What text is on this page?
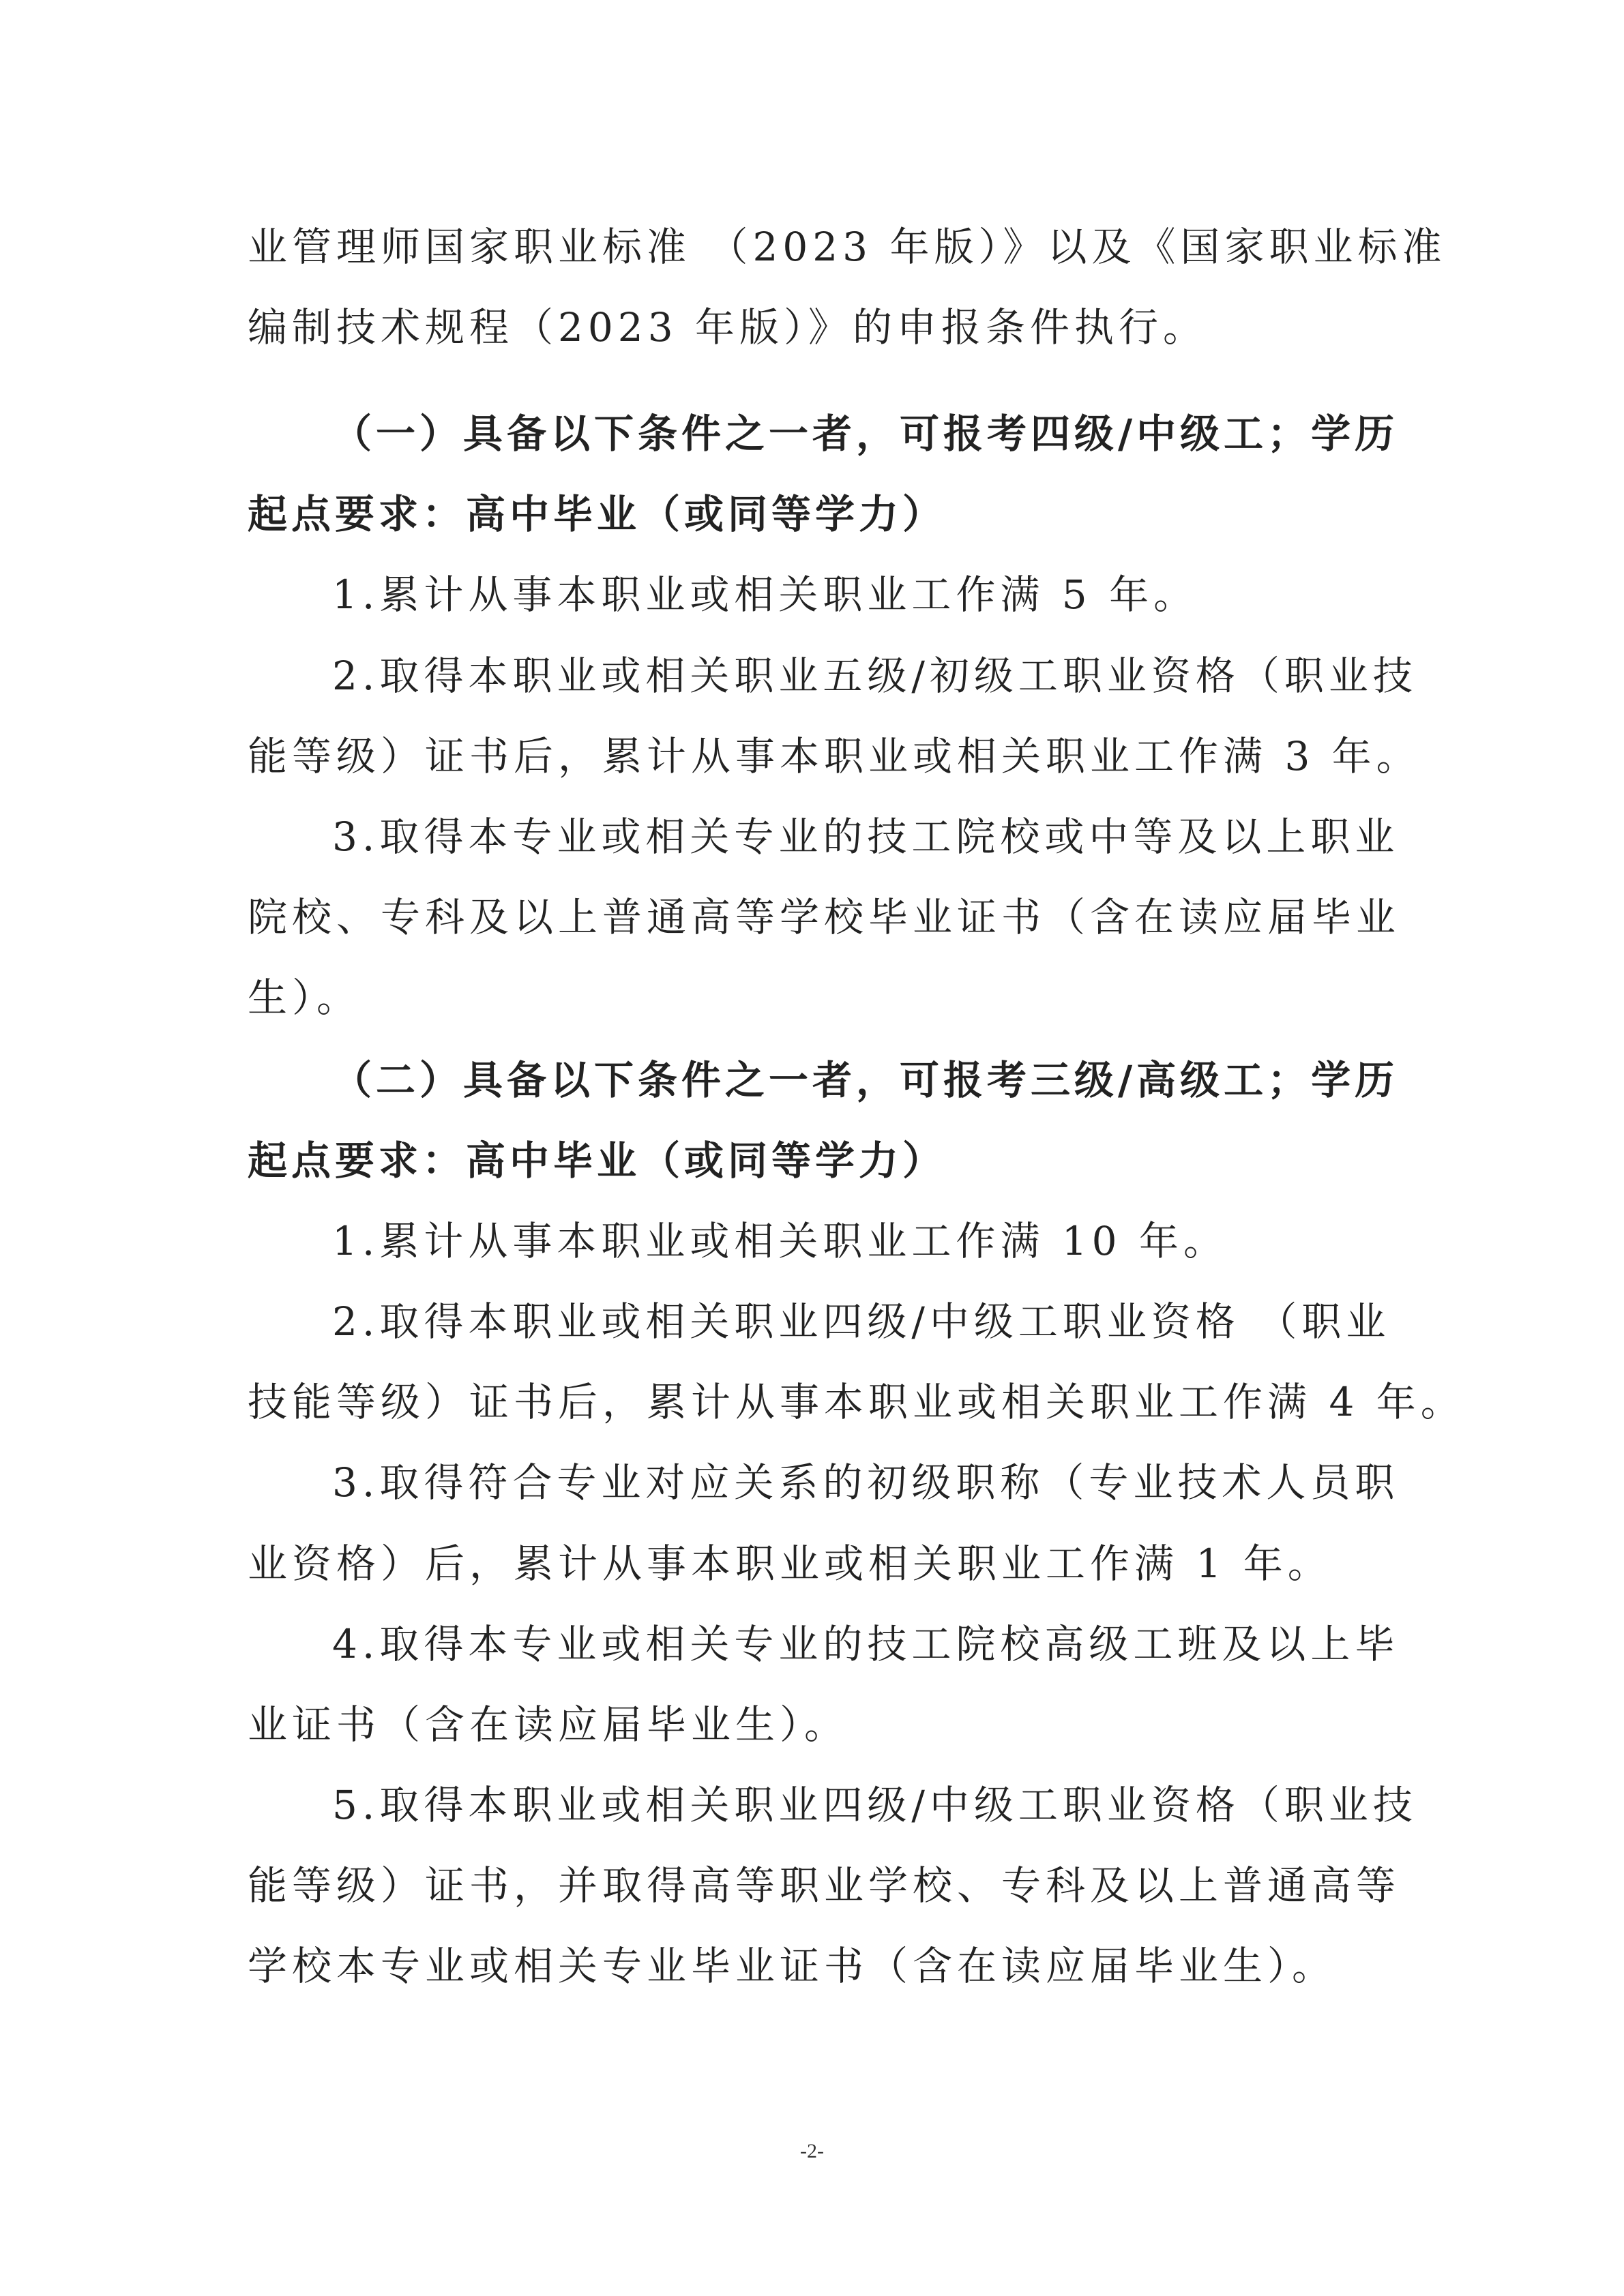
业管理师国家职业标准 （2023 年版）》以及《国家职业标准
编制技术规程（2023 年版）》的申报条件执行。
（一）具备以下条件之一者，可报考四级/中级工；学历
起点要求：高中毕业（或同等学力）
1.累计从事本职业或相关职业工作满 5 年。
2.取得本职业或相关职业五级/初级工职业资格（职业技
能等级）证书后，累计从事本职业或相关职业工作满 3 年。
3.取得本专业或相关专业的技工院校或中等及以上职业
院校、专科及以上普通高等学校毕业证书（含在读应届毕业
生）。
（二）具备以下条件之一者，可报考三级/高级工；学历
起点要求：高中毕业（或同等学力）
1.累计从事本职业或相关职业工作满 10 年。
2.取得本职业或相关职业四级/中级工职业资格 （职业
技能等级）证书后，累计从事本职业或相关职业工作满 4 年。
3.取得符合专业对应关系的初级职称（专业技术人员职
业资格）后，累计从事本职业或相关职业工作满 1 年。
4.取得本专业或相关专业的技工院校高级工班及以上毕
业证书（含在读应届毕业生）。
5.取得本职业或相关职业四级/中级工职业资格（职业技
能等级）证书，并取得高等职业学校、专科及以上普通高等
学校本专业或相关专业毕业证书（含在读应届毕业生）。
-2-
